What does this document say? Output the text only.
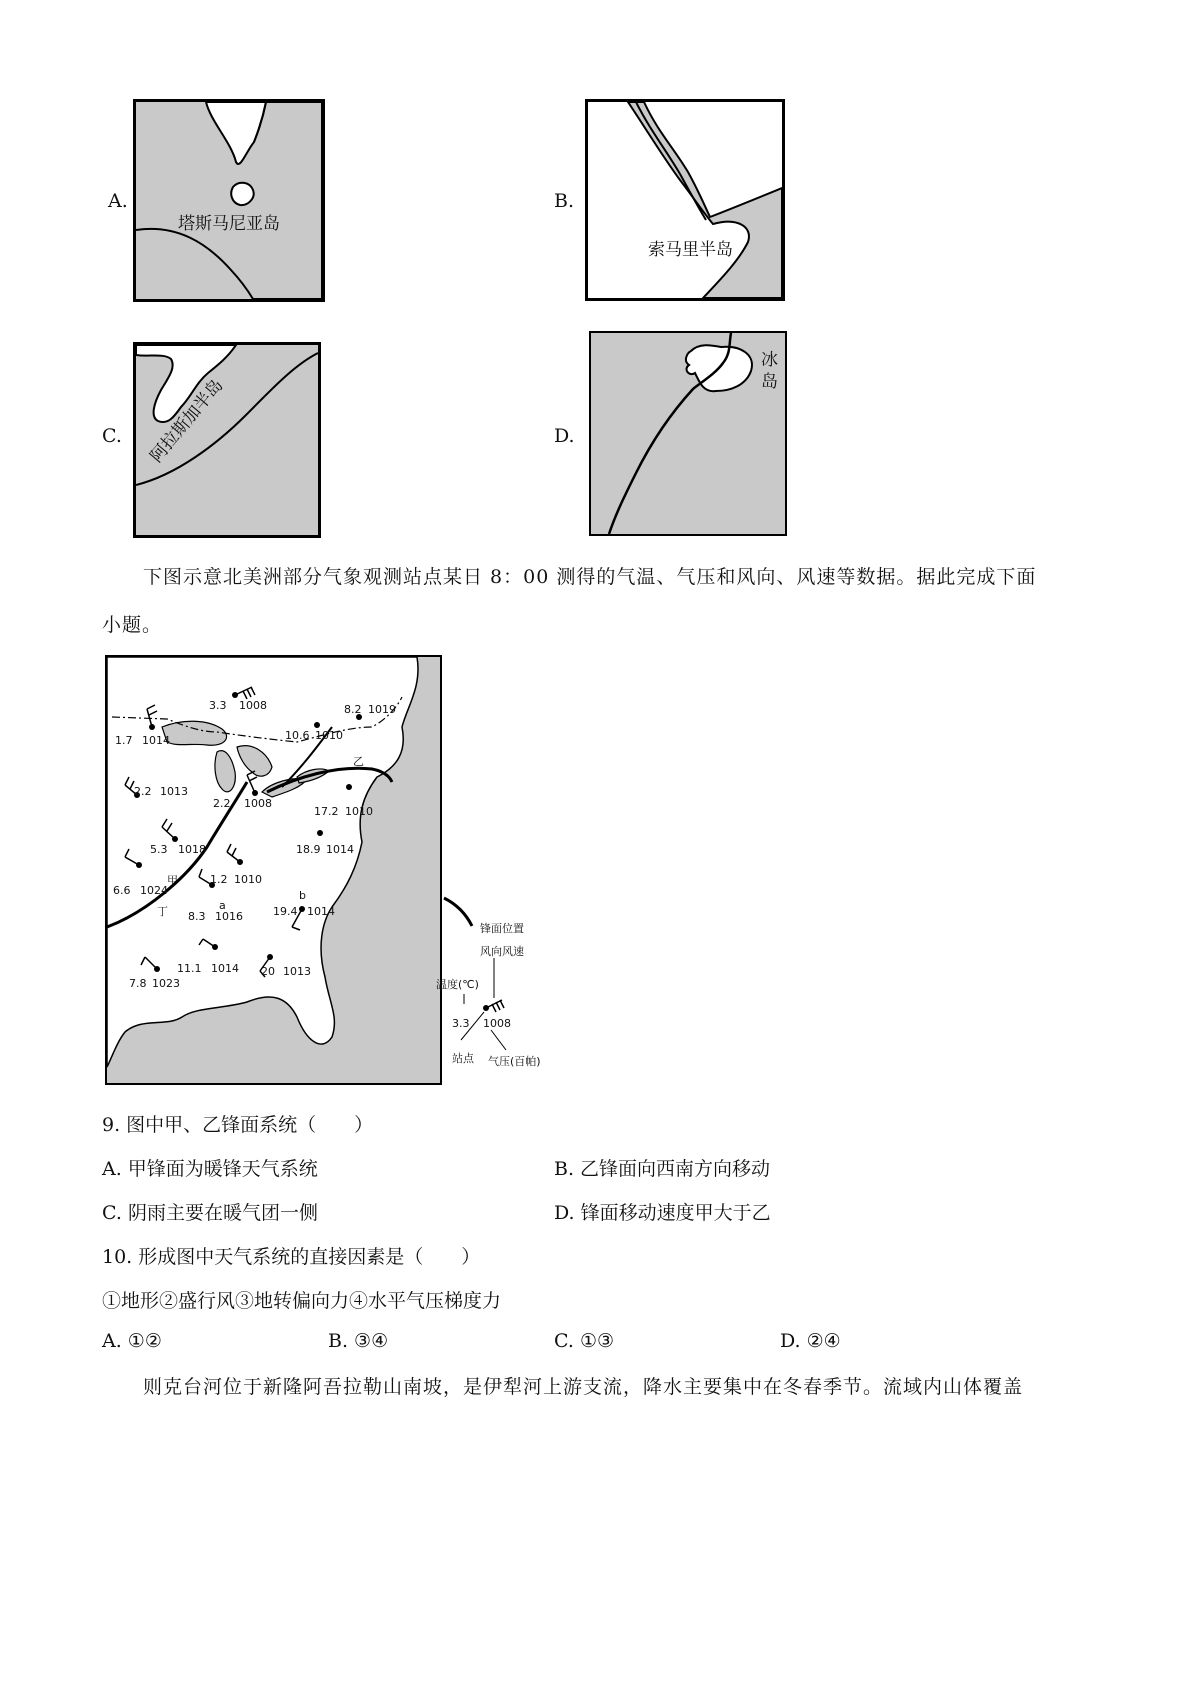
A.
塔斯马尼亚岛
B.
索马里半岛
C. 阿拉斯加半岛	D.
冰
岛
下图示意北美洲部分气象观测站点某日 8：00 测得的气温、气压和风向、风速等数据。据此完成下面
小题。
3.3 1008
1.7 1014
8.2 1019
10.6 1010
2.2 1013
2.2 1008
17.2 1010
5.3 1018	18.9 1014
6.6 1024
1.2 1010
8.3 1016	19.4 1014
7.8 1023
11.1 1014 20 1013
甲
乙
丁	a
b
锋面位置
风向风速
温度(℃)
3.3 1008
站点 气压(百帕)
9. 图中甲、乙锋面系统（　　）
A. 甲锋面为暖锋天气系统	B. 乙锋面向西南方向移动
C. 阴雨主要在暖气团一侧	D. 锋面移动速度甲大于乙
10. 形成图中天气系统的直接因素是（　　）
①地形②盛行风③地转偏向力④水平气压梯度力
A. ①②	B. ③④	C. ①③	D. ②④
则克台河位于新隆阿吾拉勒山南坡，是伊犁河上游支流，降水主要集中在冬春季节。流域内山体覆盖
